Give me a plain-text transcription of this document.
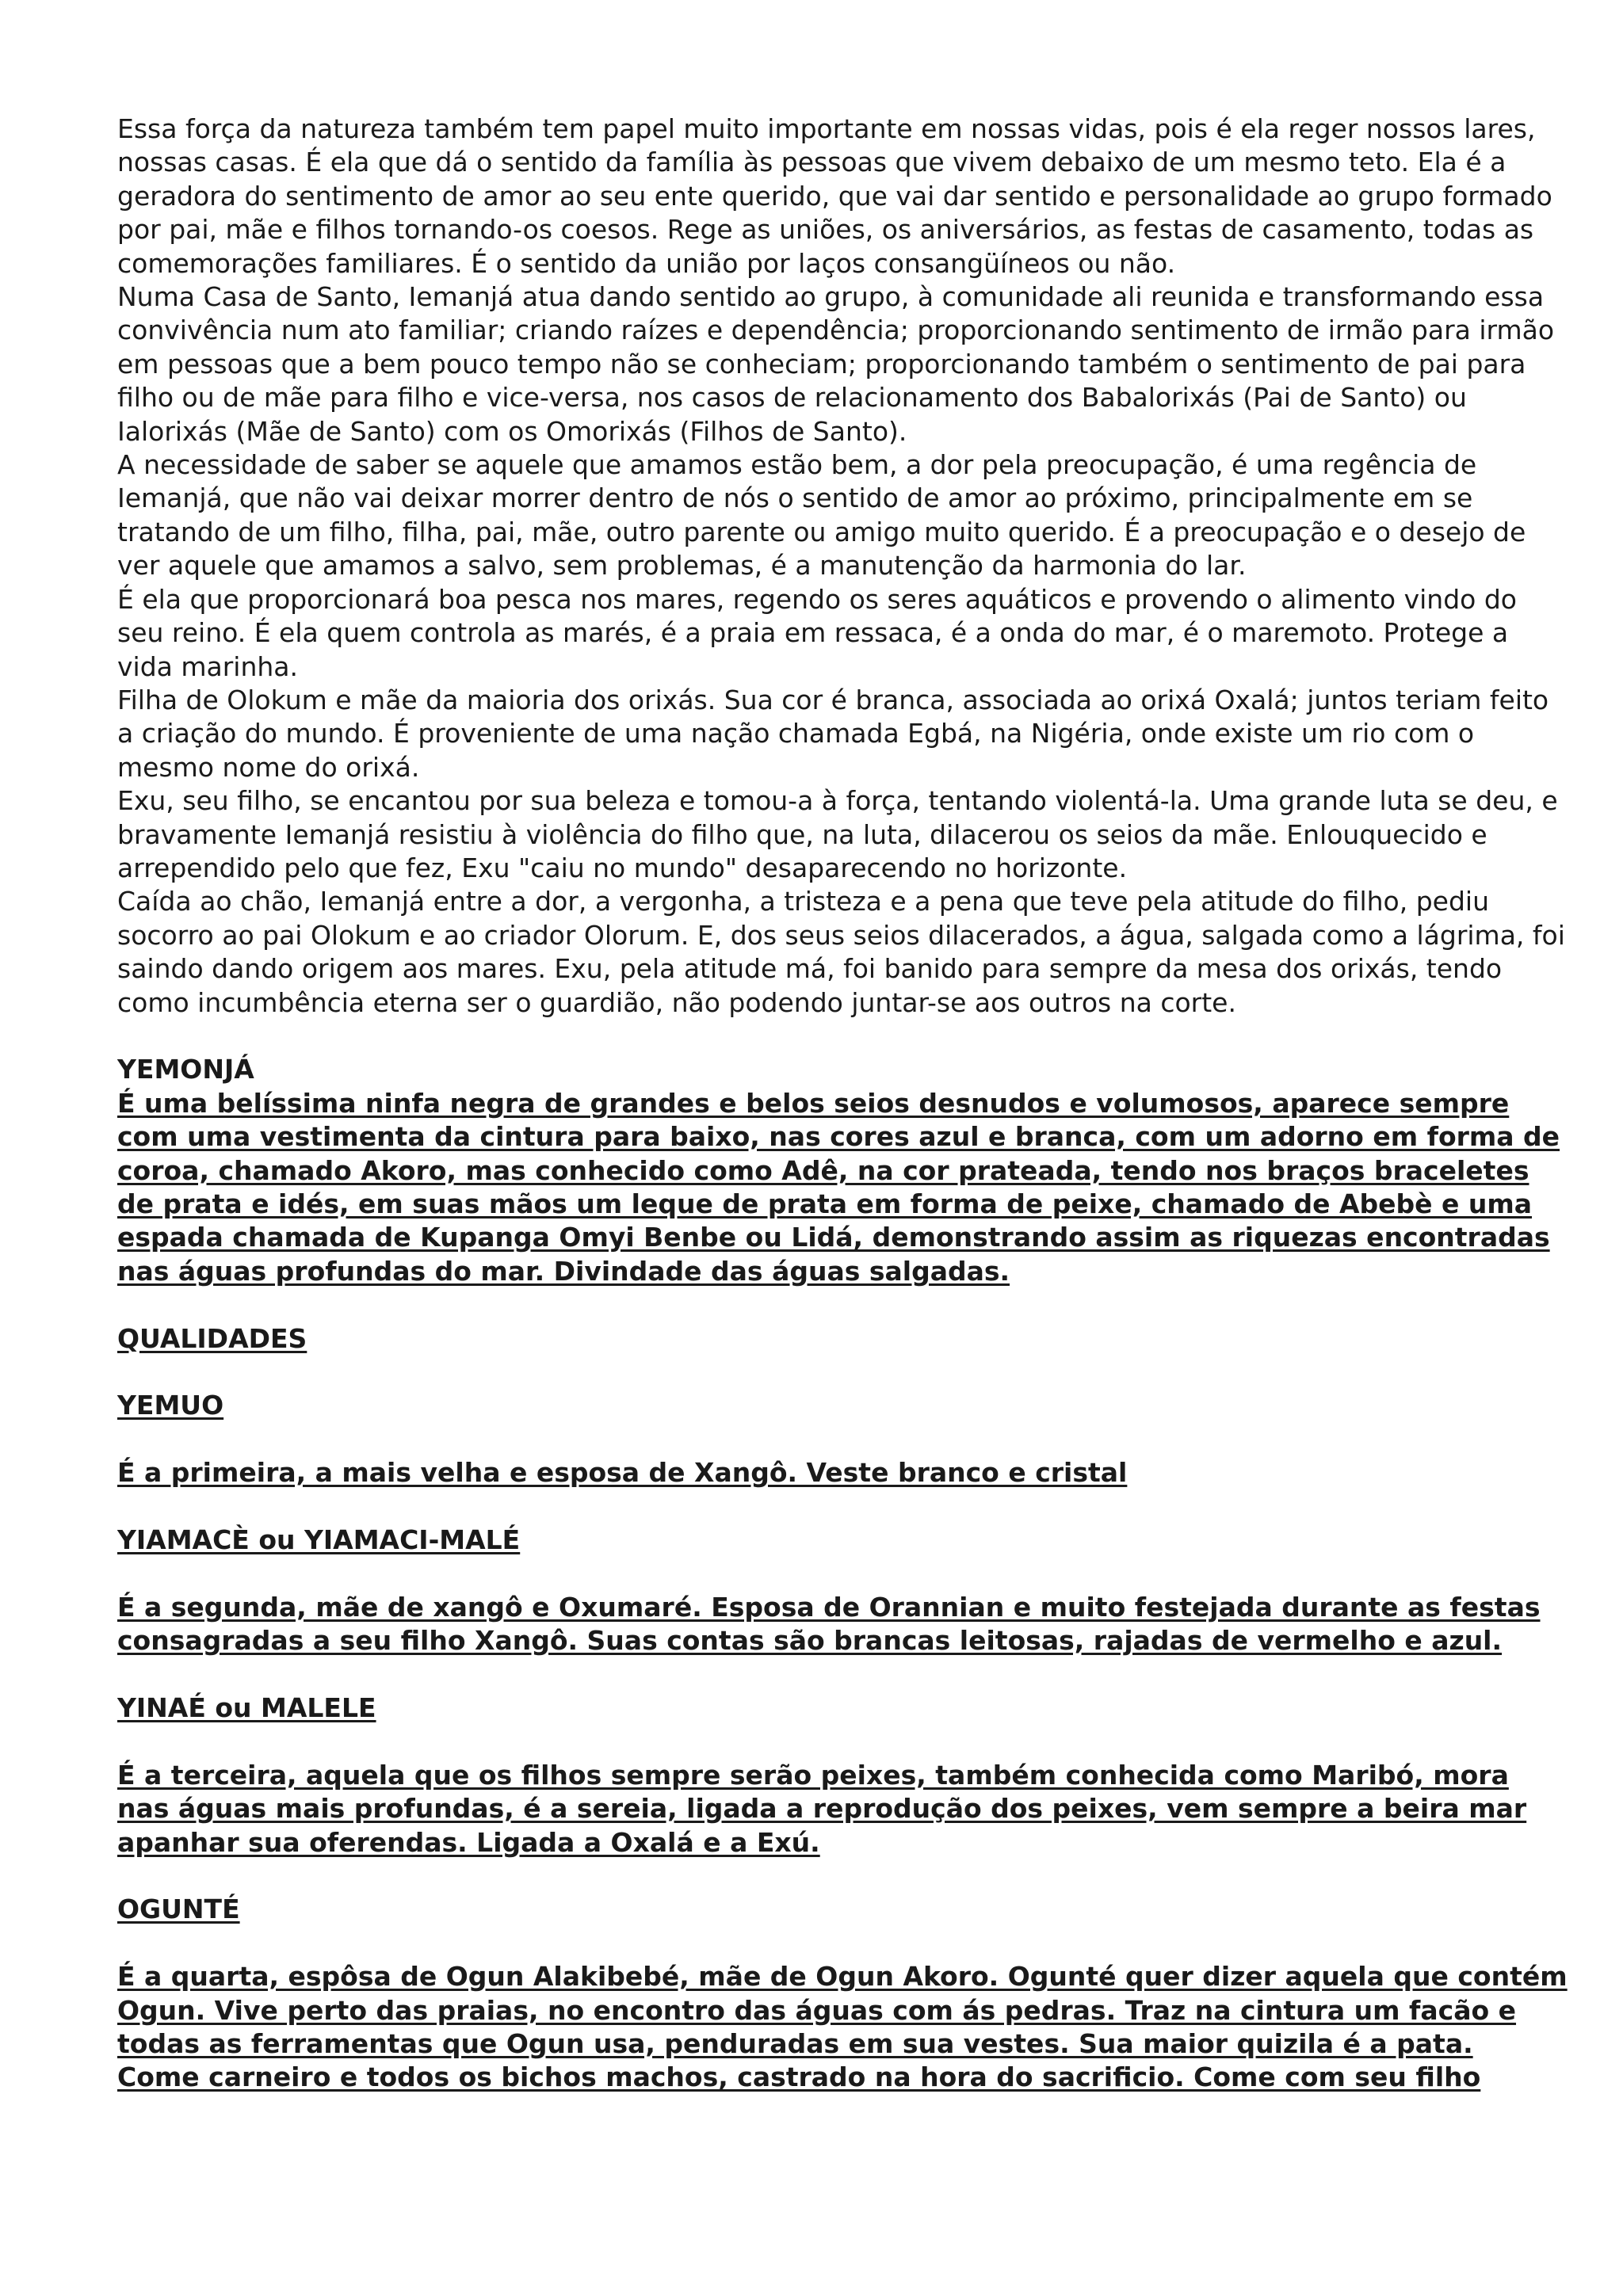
Essa força da natureza também tem papel muito importante em nossas vidas, pois é ela reger nossos lares, nossas casas. É ela que dá o sentido da família às pessoas que vivem debaixo de um mesmo teto. Ela é a geradora do sentimento de amor ao seu ente querido, que vai dar sentido e personalidade ao grupo formado por pai, mãe e filhos tornando-os coesos. Rege as uniões, os aniversários, as festas de casamento, todas as comemorações familiares. É o sentido da união por laços consangüíneos ou não.

Numa Casa de Santo, Iemanjá atua dando sentido ao grupo, à comunidade ali reunida e transformando essa convivência num ato familiar; criando raízes e dependência; proporcionando sentimento de irmão para irmão em pessoas que a bem pouco tempo não se conheciam; proporcionando também o sentimento de pai para filho ou de mãe para filho e vice-versa, nos casos de relacionamento dos Babalorixás (Pai de Santo) ou Ialorixás (Mãe de Santo) com os Omorixás (Filhos de Santo).

A necessidade de saber se aquele que amamos estão bem, a dor pela preocupação, é uma regência de Iemanjá, que não vai deixar morrer dentro de nós o sentido de amor ao próximo, principalmente em se tratando de um filho, filha, pai, mãe, outro parente ou amigo muito querido. É a preocupação e o desejo de ver aquele que amamos a salvo, sem problemas, é a manutenção da harmonia do lar.

É ela que proporcionará boa pesca nos mares, regendo os seres aquáticos e provendo o alimento vindo do seu reino. É ela quem controla as marés, é a praia em ressaca, é a onda do mar, é o maremoto. Protege a vida marinha.

Filha de Olokum e mãe da maioria dos orixás. Sua cor é branca, associada ao orixá Oxalá; juntos teriam feito a criação do mundo. É proveniente de uma nação chamada Egbá, na Nigéria, onde existe um rio com o mesmo nome do orixá.

Exu, seu filho, se encantou por sua beleza e tomou-a à força, tentando violentá-la. Uma grande luta se deu, e bravamente Iemanjá resistiu à violência do filho que, na luta, dilacerou os seios da mãe. Enlouquecido e arrependido pelo que fez, Exu "caiu no mundo" desaparecendo no horizonte.

Caída ao chão, Iemanjá entre a dor, a vergonha, a tristeza e a pena que teve pela atitude do filho, pediu socorro ao pai Olokum e ao criador Olorum. E, dos seus seios dilacerados, a água, salgada como a lágrima, foi saindo dando origem aos mares. Exu, pela atitude má, foi banido para sempre da mesa dos orixás, tendo como incumbência eterna ser o guardião, não podendo juntar-se aos outros na corte.

YEMONJÁ

É uma belíssima ninfa negra de grandes e belos seios desnudos e volumosos, aparece sempre com uma vestimenta da cintura para baixo, nas cores azul e branca, com um adorno em forma de coroa, chamado Akoro, mas conhecido como Adê, na cor prateada, tendo nos braços braceletes de prata e idés, em suas mãos um leque de prata em forma de peixe, chamado de Abebè e uma espada chamada de Kupanga Omyi Benbe ou Lidá, demonstrando assim as riquezas encontradas nas águas profundas do mar. Divindade das águas salgadas.

QUALIDADES

YEMUO

É a primeira, a mais velha e esposa de Xangô. Veste branco e cristal

YIAMACÈ ou YIAMACI-MALÉ

É a segunda, mãe de xangô e Oxumaré. Esposa de Orannian e muito festejada durante as festas consagradas a seu filho Xangô. Suas contas são brancas leitosas, rajadas de vermelho e azul.

YINAÉ ou MALELE

É a terceira, aquela que os filhos sempre serão peixes, também conhecida como Maribó, mora nas águas mais profundas, é a sereia, ligada a reprodução dos peixes, vem sempre a beira mar apanhar sua oferendas. Ligada a Oxalá e a Exú.

OGUNTÉ

É a quarta, espôsa de Ogun Alakibebé, mãe de Ogun Akoro. Ogunté quer dizer aquela que contém Ogun. Vive perto das praias, no encontro das águas com ás pedras. Traz na cintura um facão e todas as ferramentas que Ogun usa, penduradas em sua vestes. Sua maior quizila é a pata.

Come carneiro e todos os bichos machos, castrado na hora do sacrificio. Come com seu filho
